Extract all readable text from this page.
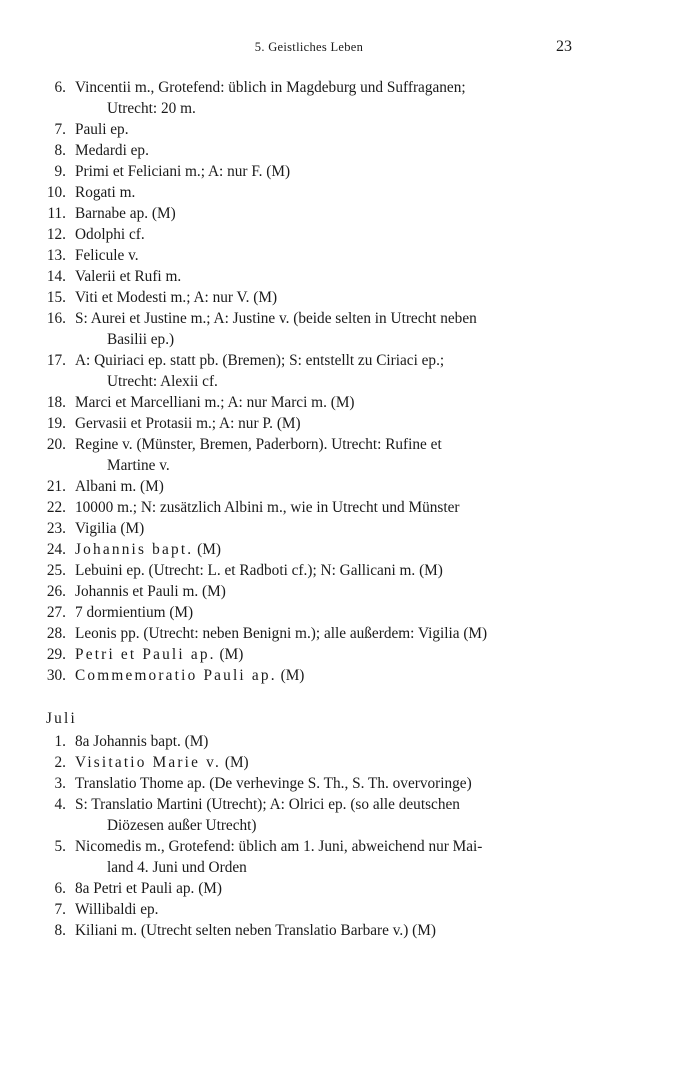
5. Geistliches Leben	23
6. Vincentii m., Grotefend: üblich in Magdeburg und Suffraganen;
Utrecht: 20 m.
7. Pauli ep.
8. Medardi ep.
9. Primi et Feliciani m.; A: nur F. (M)
10. Rogati m.
11. Barnabe ap. (M)
12. Odolphi cf.
13. Felicule v.
14. Valerii et Rufi m.
15. Viti et Modesti m.; A: nur V. (M)
16. S: Aurei et Justine m.; A: Justine v. (beide selten in Utrecht neben
Basilii ep.)
17. A: Quiriaci ep. statt pb. (Bremen); S: entstellt zu Ciriaci ep.;
Utrecht: Alexii cf.
18. Marci et Marcelliani m.; A: nur Marci m. (M)
19. Gervasii et Protasii m.; A: nur P. (M)
20. Regine v. (Münster, Bremen, Paderborn). Utrecht: Rufine et
Martine v.
21. Albani m. (M)
22. 10000 m.; N: zusätzlich Albini m., wie in Utrecht und Münster
23. Vigilia (M)
24. Johannis bapt. (M)
25. Lebuini ep. (Utrecht: L. et Radboti cf.); N: Gallicani m. (M)
26. Johannis et Pauli m. (M)
27. 7 dormientium (M)
28. Leonis pp. (Utrecht: neben Benigni m.); alle außerdem: Vigilia (M)
29. Petri et Pauli ap. (M)
30. Commemoratio Pauli ap. (M)
Juli
1. 8a Johannis bapt. (M)
2. Visitatio Marie v. (M)
3. Translatio Thome ap. (De verhevinge S. Th., S. Th. overvoringe)
4. S: Translatio Martini (Utrecht); A: Olrici ep. (so alle deutschen
Diözesen außer Utrecht)
5. Nicomedis m., Grotefend: üblich am 1. Juni, abweichend nur Mai-
land 4. Juni und Orden
6. 8a Petri et Pauli ap. (M)
7. Willibaldi ep.
8. Kiliani m. (Utrecht selten neben Translatio Barbare v.) (M)
